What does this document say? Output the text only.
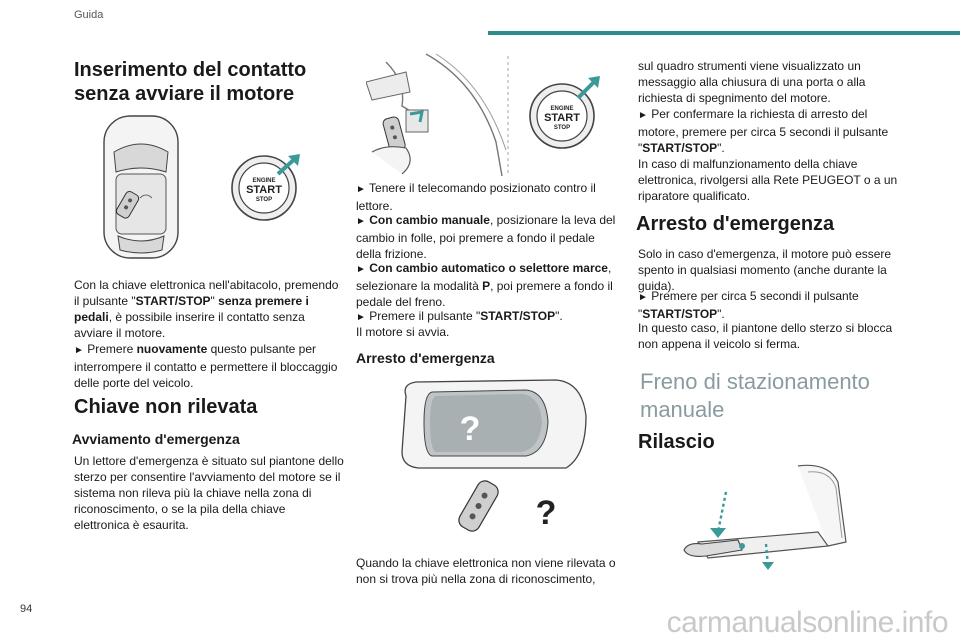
Guida
Inserimento del contatto
senza avviare il motore
ENGINE
START
STOP

Con la chiave elettronica nell'abitacolo, premendo il pulsante "START/STOP" senza premere i pedali, è possibile inserire il contatto senza avviare il motore.

► Premere nuovamente questo pulsante per interrompere il contatto e permettere il bloccaggio delle porte del veicolo.

Chiave non rilevata
Avviamento d'emergenza

Un lettore d'emergenza è situato sul piantone dello sterzo per consentire l'avviamento del motore se il sistema non rileva più la chiave nella zona di riconoscimento, o se la pila della chiave elettronica è esaurita.

ENGINE
START
STOP

► Tenere il telecomando posizionato contro il lettore.

► Con cambio manuale, posizionare la leva del cambio in folle, poi premere a fondo il pedale della frizione.

► Con cambio automatico o selettore marce, selezionare la modalità P, poi premere a fondo il pedale del freno.

► Premere il pulsante "START/STOP".

Il motore si avvia.

Arresto d'emergenza
?
?

Quando la chiave elettronica non viene rilevata o non si trova più nella zona di riconoscimento,

sul quadro strumenti viene visualizzato un messaggio alla chiusura di una porta o alla richiesta di spegnimento del motore.

► Per confermare la richiesta di arresto del motore, premere per circa 5 secondi il pulsante "START/STOP".

In caso di malfunzionamento della chiave elettronica, rivolgersi alla Rete PEUGEOT o a un riparatore qualificato.

Arresto d'emergenza

Solo in caso d'emergenza, il motore può essere spento in qualsiasi momento (anche durante la guida).

► Premere per circa 5 secondi il pulsante "START/STOP".

In questo caso, il piantone dello sterzo si blocca non appena il veicolo si ferma.

Freno di stazionamento
manuale
Rilascio
94	carmanualsonline.info
